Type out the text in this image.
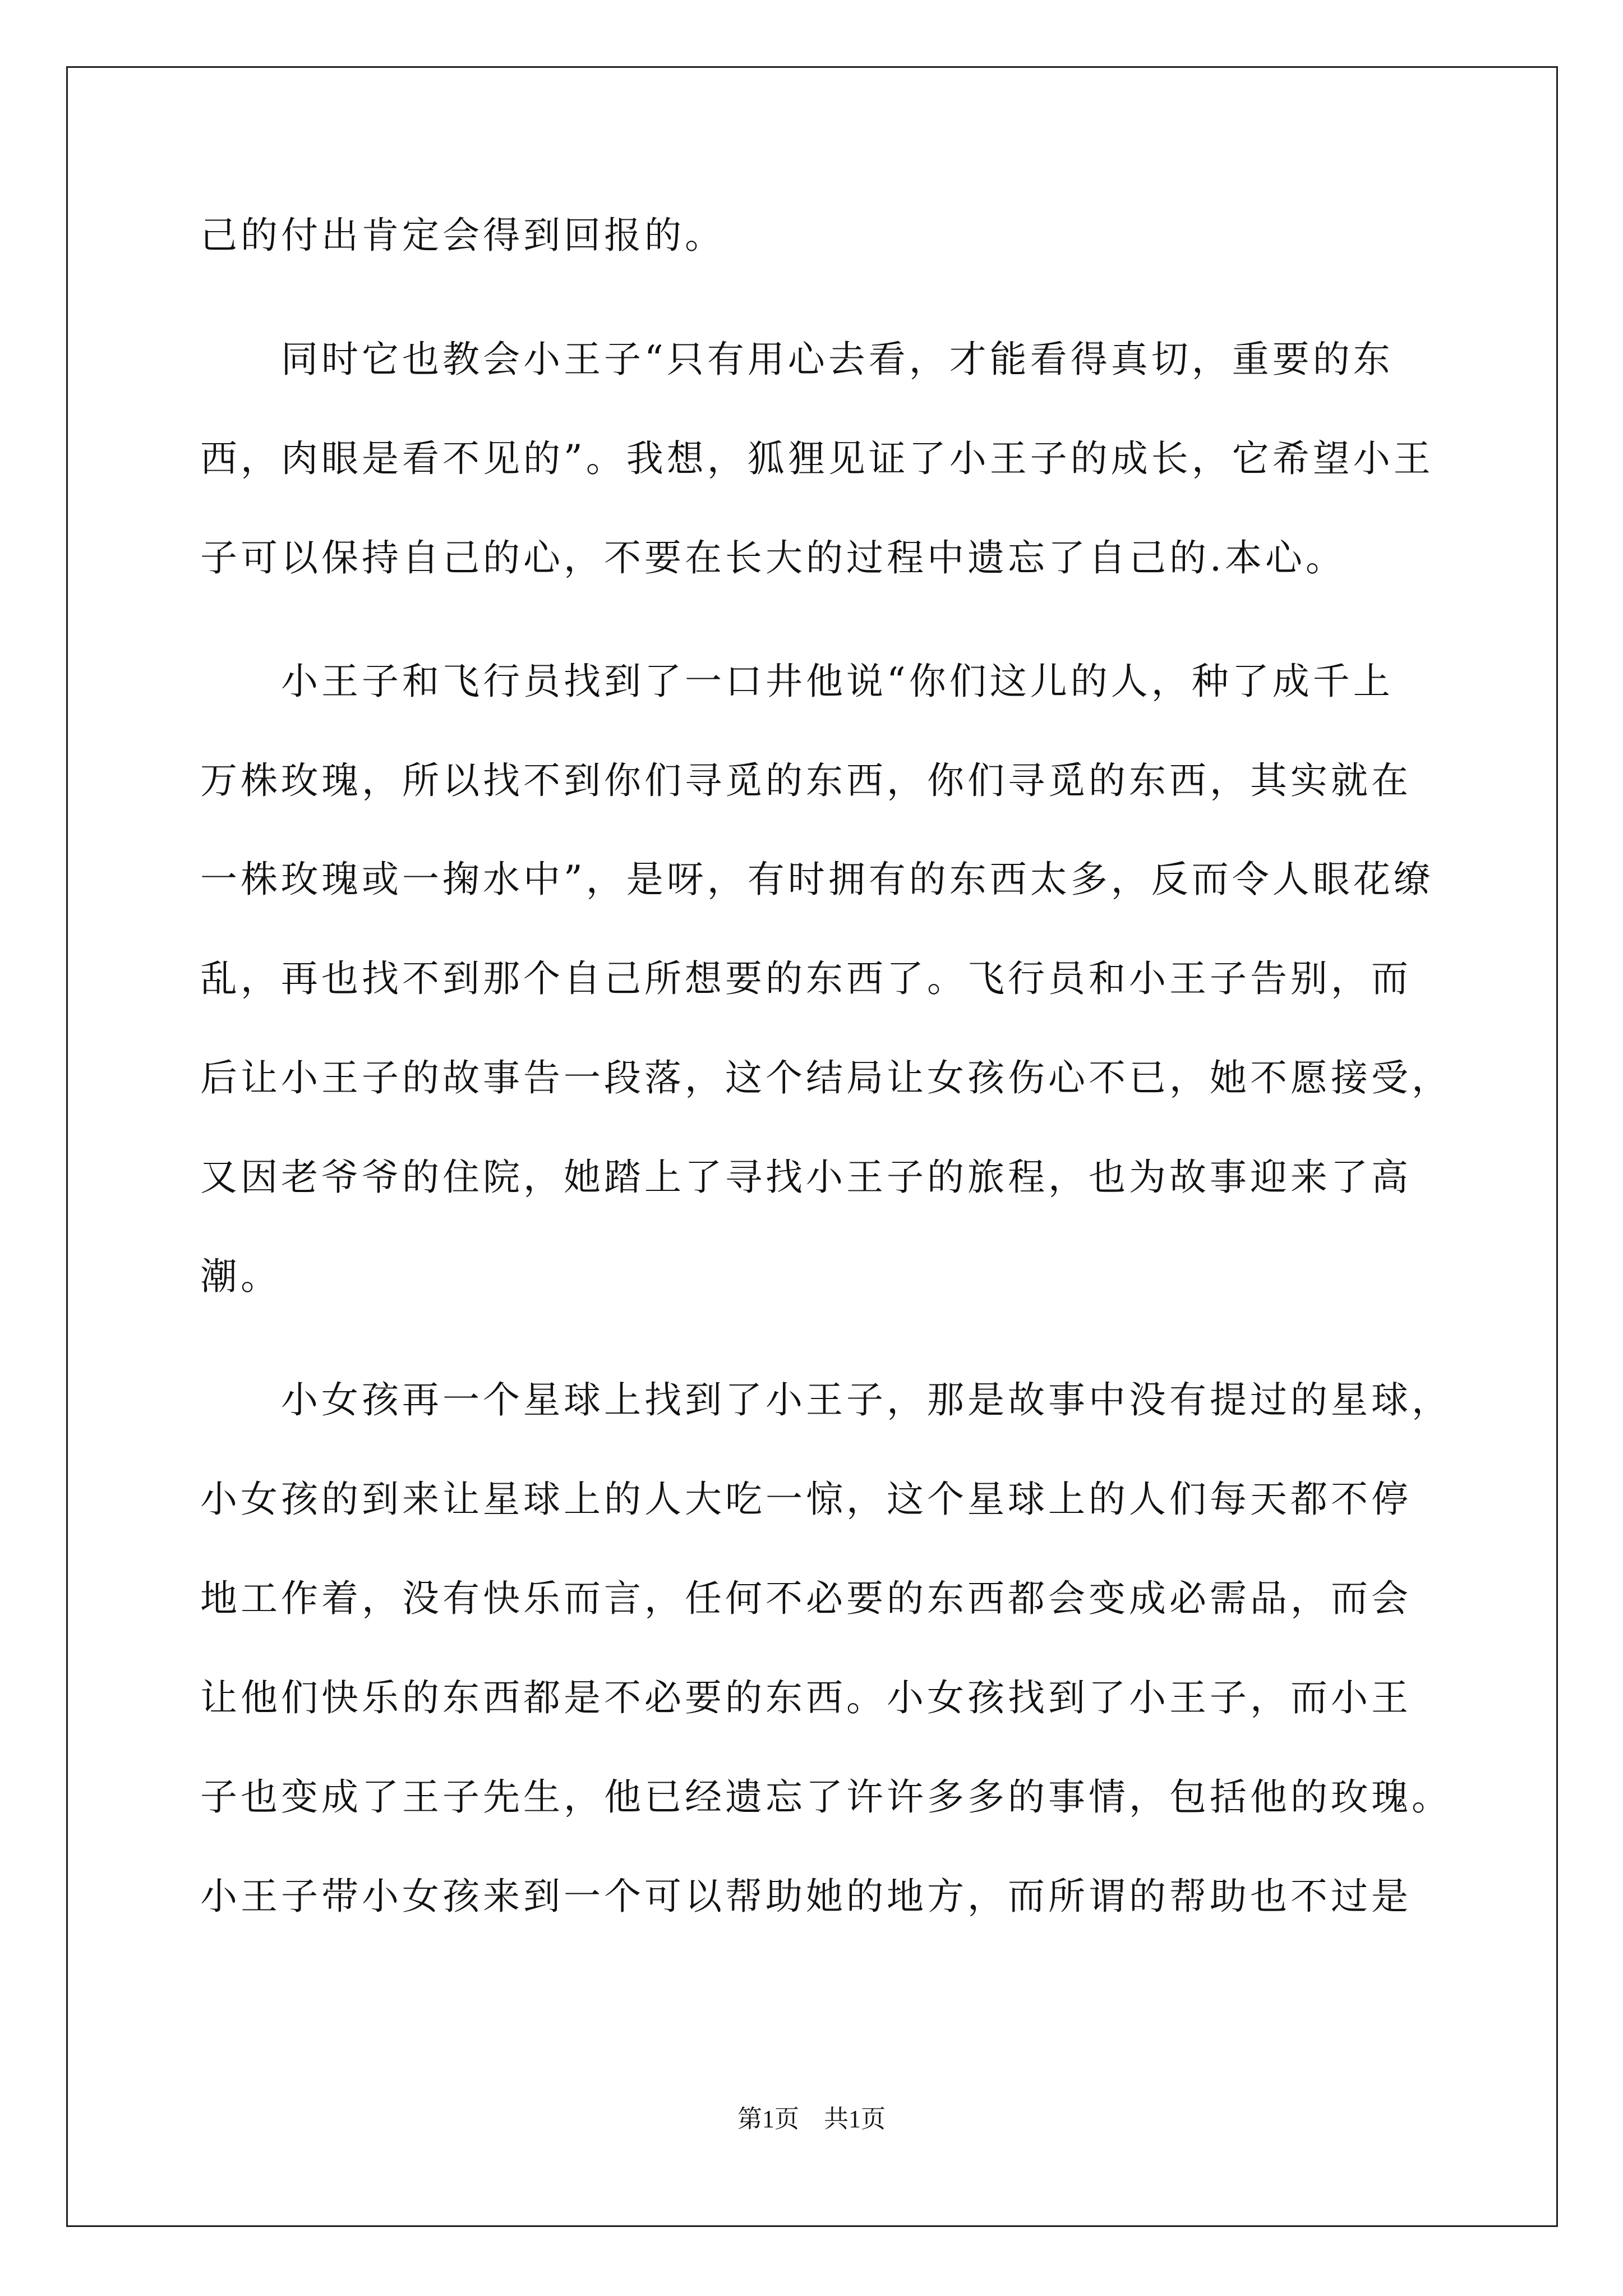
己的付出肯定会得到回报的。
　　同时它也教会小王子“只有用心去看，才能看得真切，重要的东
西，肉眼是看不见的”。我想，狐狸见证了小王子的成长，它希望小王
子可以保持自己的心，不要在长大的过程中遗忘了自己的.本心。
　　小王子和飞行员找到了一口井他说“你们这儿的人，种了成千上
万株玫瑰，所以找不到你们寻觅的东西，你们寻觅的东西，其实就在
一株玫瑰或一掬水中”，是呀，有时拥有的东西太多，反而令人眼花缭
乱，再也找不到那个自己所想要的东西了。飞行员和小王子告别，而
后让小王子的故事告一段落，这个结局让女孩伤心不已，她不愿接受，
又因老爷爷的住院，她踏上了寻找小王子的旅程，也为故事迎来了高
潮。
　　小女孩再一个星球上找到了小王子，那是故事中没有提过的星球，
小女孩的到来让星球上的人大吃一惊，这个星球上的人们每天都不停
地工作着，没有快乐而言，任何不必要的东西都会变成必需品，而会
让他们快乐的东西都是不必要的东西。小女孩找到了小王子，而小王
子也变成了王子先生，他已经遗忘了许许多多的事情，包括他的玫瑰。
小王子带小女孩来到一个可以帮助她的地方，而所谓的帮助也不过是
第1页　共1页
